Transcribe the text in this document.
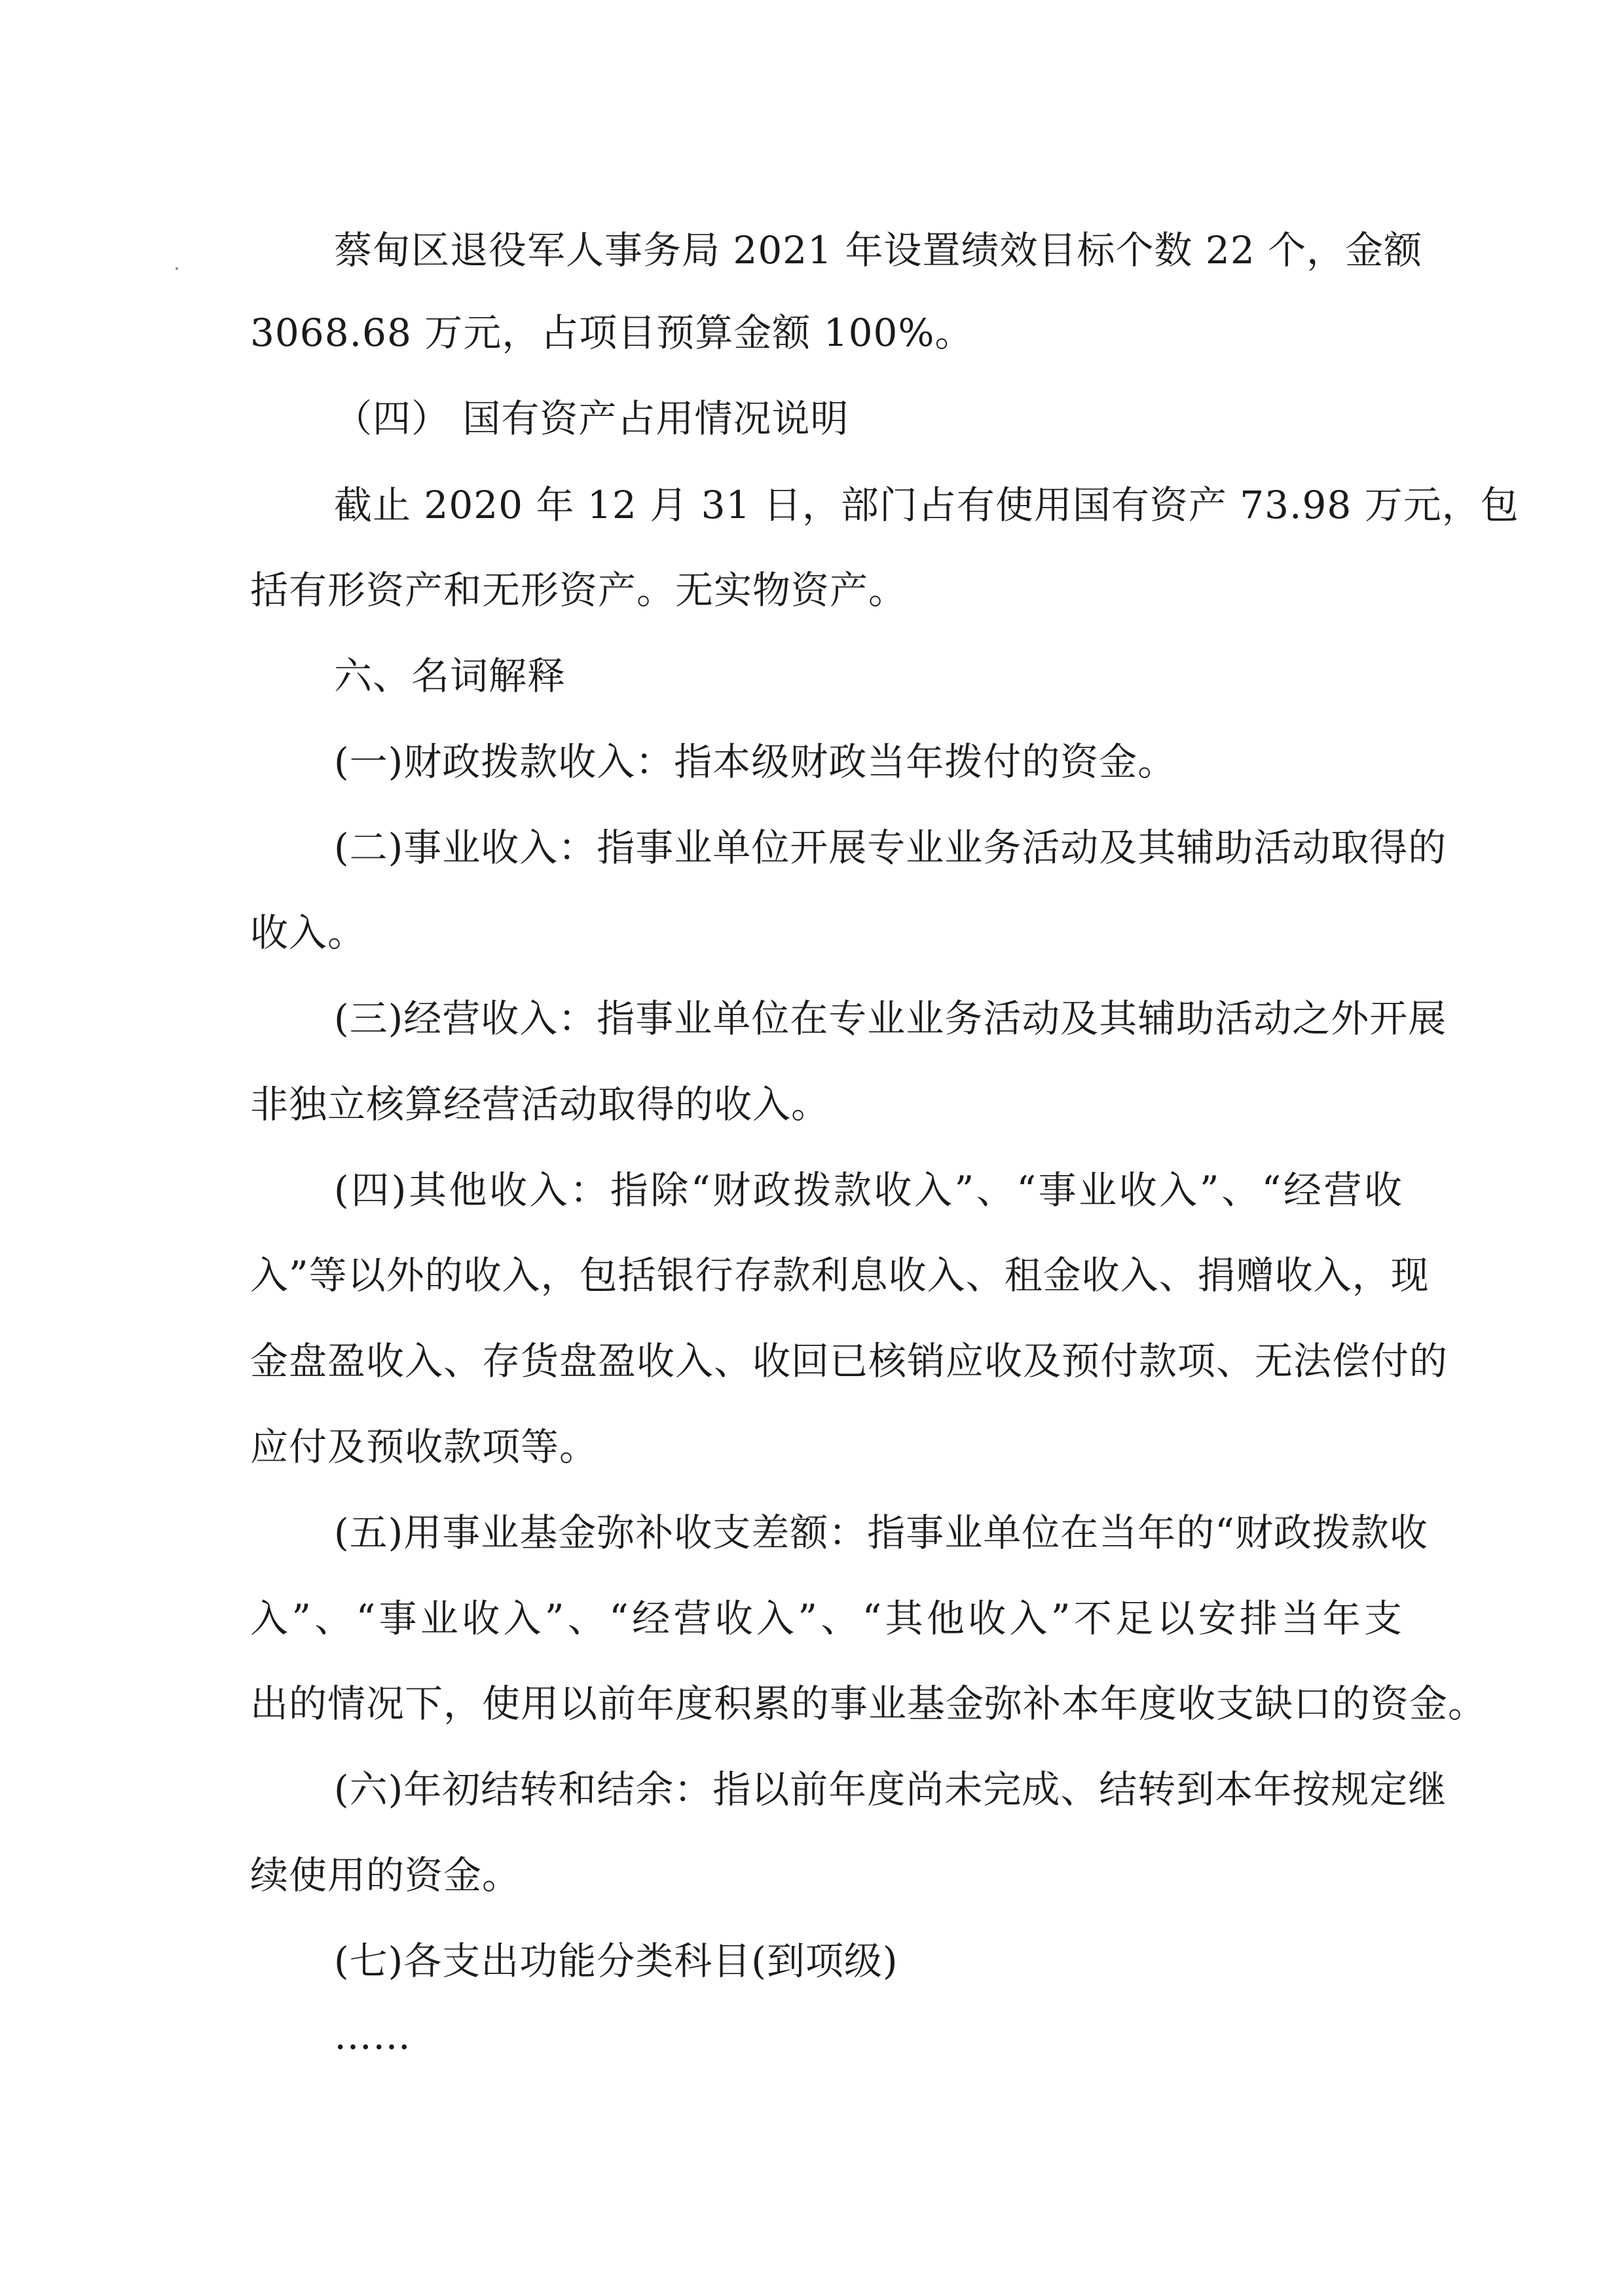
蔡甸区退役军人事务局 2021 年设置绩效目标个数 22 个，金额
3068.68 万元，占项目预算金额 100%。
（四） 国有资产占用情况说明
截止 2020 年 12 月 31 日，部门占有使用国有资产 73.98 万元，包
括有形资产和无形资产。无实物资产。
六、名词解释
(一)财政拨款收入：指本级财政当年拨付的资金。
(二)事业收入：指事业单位开展专业业务活动及其辅助活动取得的
收入。
(三)经营收入：指事业单位在专业业务活动及其辅助活动之外开展
非独立核算经营活动取得的收入。
(四)其他收入：指除“财政拨款收入”、“事业收入”、“经营收
入”等以外的收入，包括银行存款利息收入、租金收入、捐赠收入，现
金盘盈收入、存货盘盈收入、收回已核销应收及预付款项、无法偿付的
应付及预收款项等。
(五)用事业基金弥补收支差额：指事业单位在当年的“财政拨款收
入”、“事业收入”、“经营收入”、“其他收入”不足以安排当年支
出的情况下，使用以前年度积累的事业基金弥补本年度收支缺口的资金。
(六)年初结转和结余：指以前年度尚未完成、结转到本年按规定继
续使用的资金。
(七)各支出功能分类科目(到项级)
……
